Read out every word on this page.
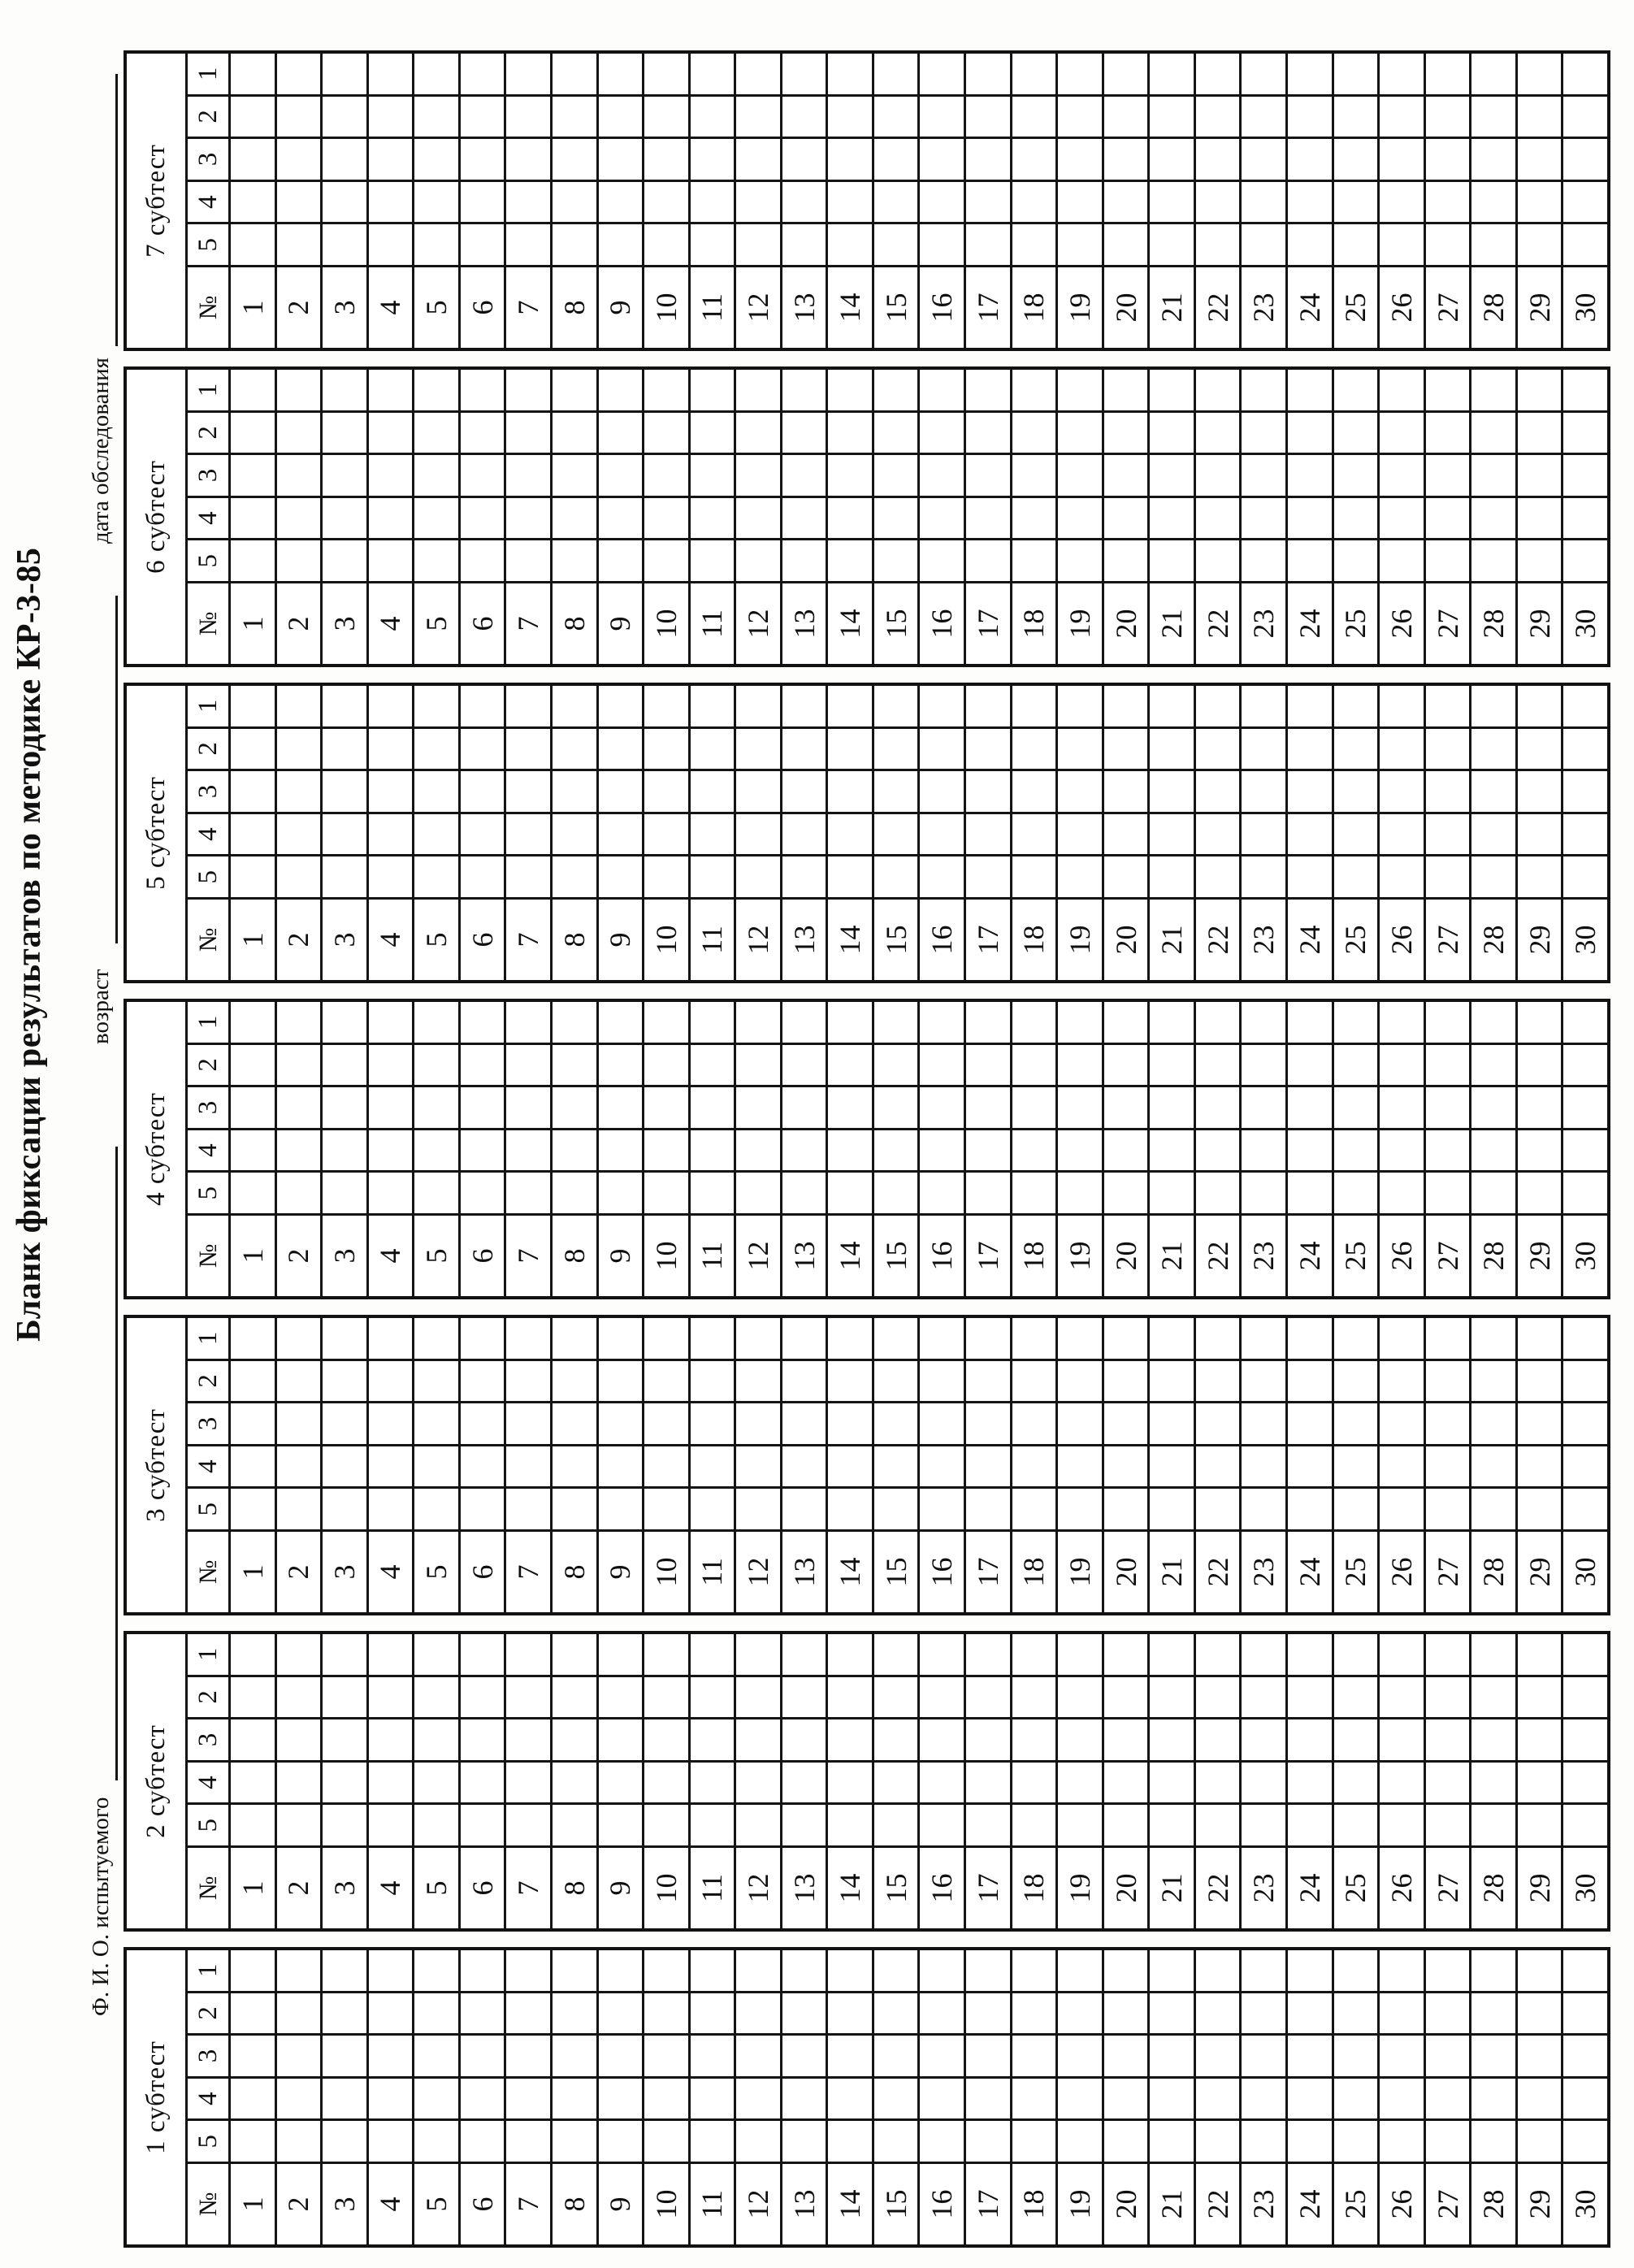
Бланк фиксации результатов по методике КР-3-85
Ф. И. О. испытуемого
возраст
дата обследования
1 субтест
№
5
4
3
2
1
1 2 3 4 5 6 7 8 9 10 11 12 13 14 15 16 17 18 19 20 21 22 23 24 25 26 27 28 29 30
2 субтест
№
5
4
3
2
1
1 2 3 4 5 6 7 8 9 10 11 12 13 14 15 16 17 18 19 20 21 22 23 24 25 26 27 28 29 30
3 субтест
№
5
4
3
2
1
1 2 3 4 5 6 7 8 9 10 11 12 13 14 15 16 17 18 19 20 21 22 23 24 25 26 27 28 29 30
4 субтест
№
5
4
3
2
1
1 2 3 4 5 6 7 8 9 10 11 12 13 14 15 16 17 18 19 20 21 22 23 24 25 26 27 28 29 30
5 субтест
№
5
4
3
2
1
1 2 3 4 5 6 7 8 9 10 11 12 13 14 15 16 17 18 19 20 21 22 23 24 25 26 27 28 29 30
6 субтест
№
5
4
3
2
1
1 2 3 4 5 6 7 8 9 10 11 12 13 14 15 16 17 18 19 20 21 22 23 24 25 26 27 28 29 30
7 субтест
№
5
4
3
2
1
1 2 3 4 5 6 7 8 9 10 11 12 13 14 15 16 17 18 19 20 21 22 23 24 25 26 27 28 29 30
